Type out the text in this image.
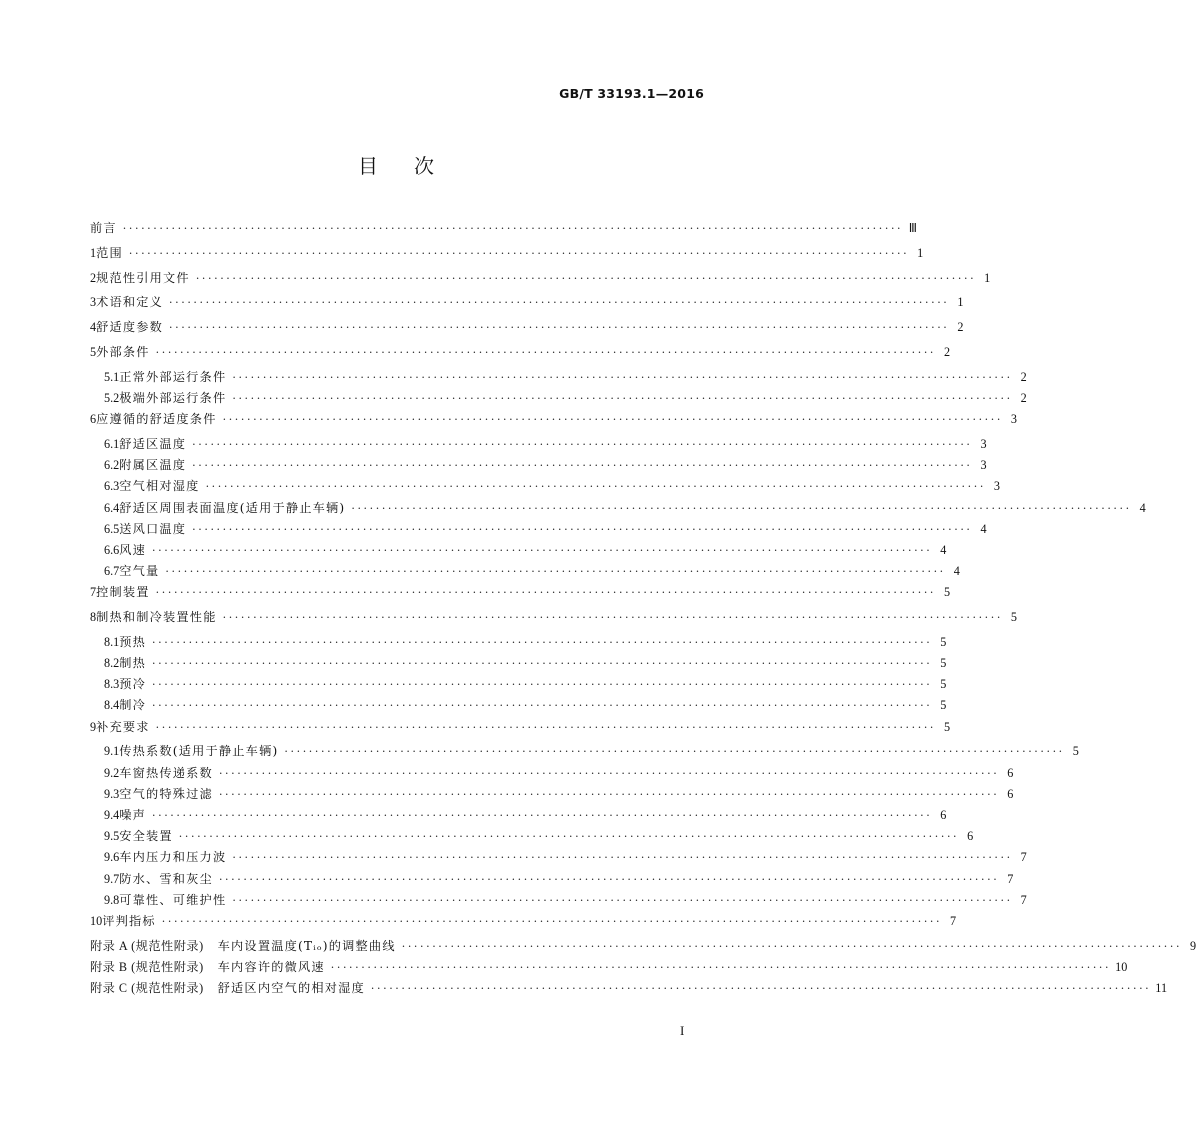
GB/T 33193.1—2016
目 次
前言 ································································································································ Ⅲ
1 范围 ································································································································ 1
2 规范性引用文件 ································································································································ 1
3 术语和定义 ································································································································ 1
4 舒适度参数 ································································································································ 2
5 外部条件 ································································································································ 2
5.1 正常外部运行条件 ································································································································ 2
5.2 极端外部运行条件 ································································································································ 2
6 应遵循的舒适度条件 ································································································································ 3
6.1 舒适区温度 ································································································································ 3
6.2 附属区温度 ································································································································ 3
6.3 空气相对湿度 ································································································································ 3
6.4 舒适区周围表面温度(适用于静止车辆) ································································································································ 4
6.5 送风口温度 ································································································································ 4
6.6 风速 ································································································································ 4
6.7 空气量 ································································································································ 4
7 控制装置 ································································································································ 5
8 制热和制冷装置性能 ································································································································ 5
8.1 预热 ································································································································ 5
8.2 制热 ································································································································ 5
8.3 预冷 ································································································································ 5
8.4 制冷 ································································································································ 5
9 补充要求 ································································································································ 5
9.1 传热系数(适用于静止车辆) ································································································································ 5
9.2 车窗热传递系数 ································································································································ 6
9.3 空气的特殊过滤 ································································································································ 6
9.4 噪声 ································································································································ 6
9.5 安全装置 ································································································································ 6
9.6 车内压力和压力波 ································································································································ 7
9.7 防水、雪和灰尘 ································································································································ 7
9.8 可靠性、可维护性 ································································································································ 7
10 评判指标 ································································································································ 7
附录 A (规范性附录) 车内设置温度(Tᵢₒ)的调整曲线 ································································································································ 9
附录 B (规范性附录) 车内容许的微风速 ································································································································ 10
附录 C (规范性附录) 舒适区内空气的相对湿度 ································································································································ 11
I
